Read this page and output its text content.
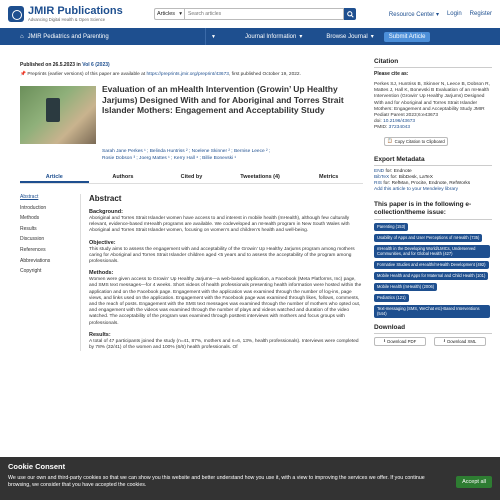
JMIR Publications
Advancing Digital Health & Open Science
Articles ▾
Search articles	Resource Center ▾ Login Register
⌂ JMIR Pediatrics and Parenting	▼	Journal Information ▾	Browse Journal ▾	Submit Article
Published on 26.5.2023 in Vol 6 (2023)
📌 Preprints (earlier versions) of this paper are available at https://preprints.jmir.org/preprint/43673, first published October 19, 2022.
Evaluation of an mHealth Intervention (Growin’ Up Healthy Jarjums) Designed With and for Aboriginal and Torres Strait Islander Mothers: Engagement and Acceptability Study
Sarah Jane Perkes ¹ ; Belinda Huntriss ² ; Noelene Skinner ² ; Bernise Leece ² ;
Rosie Dobson ³ ; Joerg Mattes ¹ ; Kerry Hall ⁴ ; Billie Bonevski ¹
Article	Authors	Cited by	Tweetations (4)	Metrics
Abstract
Introduction
Methods
Results
Discussion
References
Abbreviations
Copyright
Abstract
Background:

Aboriginal and Torres Strait Islander women have access to and interest in mobile health (mHealth), although few culturally relevant, evidence-based mHealth programs are available. We codeveloped an mHealth program in New South Wales with Aboriginal and Torres Strait Islander women, focusing on women’s and children’s health and well-being.

Objective:

This study aims to assess the engagement with and acceptability of the Growin’ Up Healthy Jarjums program among mothers caring for Aboriginal and Torres Strait Islander children aged <5 years and to assess the acceptability of the program among professionals.

Methods:

Women were given access to Growin’ Up Healthy Jarjums—a web-based application, a Facebook (Meta Platforms, Inc) page, and SMS text messages—for 4 weeks. Short videos of health professionals presenting health information were hosted within the application and on the Facebook page. Engagement with the application was examined through the number of log-ins, page views, and links used on the application. Engagement with the Facebook page was examined through likes, follows, comments, and the reach of posts. Engagement with the SMS text messages was examined through the number of mothers who opted out, and engagement with the videos was examined through the number of plays and videos watched and duration of the video watched. The acceptability of the program was examined through posttest interviews with mothers and focus groups with professionals.

Results:

A total of 47 participants joined the study (n=41, 87%, mothers and n=6, 13%, health professionals). Interviews were completed by 78% (32/41) of the women and 100% (6/6) health professionals. Of

Citation
Please cite as:
Perkes SJ, Huntriss B, Skinner N, Leece B, Dobson R, Mattes J, Hall K, Bonevski B Evaluation of an mHealth Intervention (Growin’ Up Healthy Jarjums) Designed With and for Aboriginal and Torres Strait Islander Mothers: Engagement and Acceptability Study JMIR Pediatr Parent 2023;6:e43673
doi: 10.2196/43673
PMID: 37234043
📋 Copy Citation to Clipboard
Export Metadata
END for: Endnote
BibTeX for: BibDesk, LaTeX
RIS for: RefMan, Procite, Endnote, RefWorks
Add this article to your Mendeley library
This paper is in the following e-collection/theme issue:
Parenting (153)
Usability of Apps and User Perceptions of mHealth (735)
mHealth in the Developing World/LMICs, Underserved Communities, and for Global Health (427)
Formative Studies and eHealth/mHealth Development (492)
Mobile Health and Apps for Maternal and Child Health (101)
Mobile Health (mHealth) (2006)
Pediatrics (121)
Text-messaging (SMS, WeChat etc)-Based Interventions (544)
Download
⭳ Download PDF	⭳ Download XML
Cookie Consent

We use our own and third-party cookies so that we can show you this website and better understand how you use it, with a view to improving the services we offer. If you continue browsing, we consider that you have accepted the cookies.	Accept all
